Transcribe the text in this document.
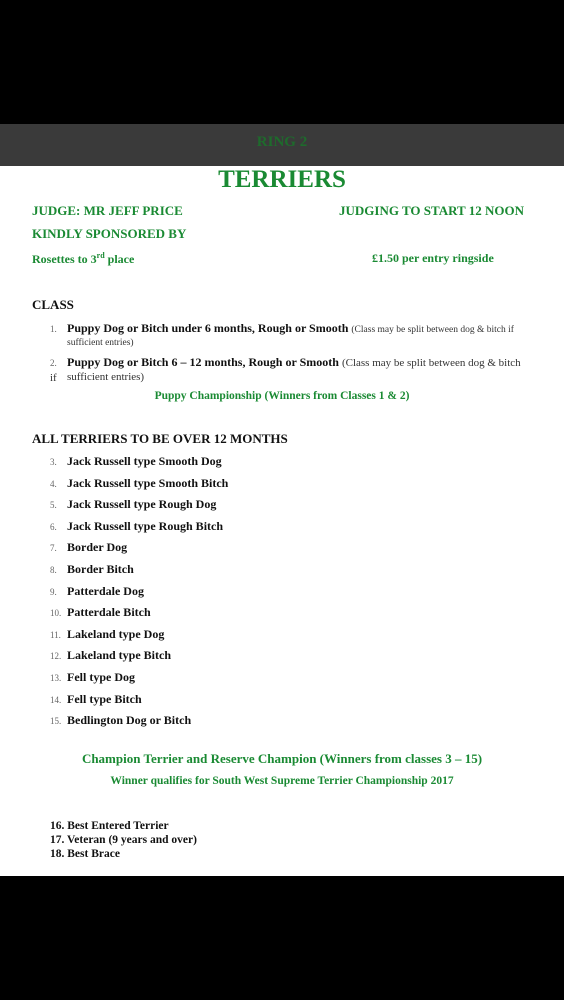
RING 2
TERRIERS
JUDGE: MR JEFF PRICE	JUDGING TO START 12 NOON
KINDLY SPONSORED BY
Rosettes to 3rd place	£1.50 per entry ringside
CLASS
1. Puppy Dog or Bitch under 6 months, Rough or Smooth (Class may be split between dog & bitch if
sufficient entries)
2. Puppy Dog or Bitch 6 – 12 months, Rough or Smooth (Class may be split between dog & bitch if sufficient entries)
Puppy Championship (Winners from Classes 1 & 2)
ALL TERRIERS TO BE OVER 12 MONTHS
3. Jack Russell type Smooth Dog
4. Jack Russell type Smooth Bitch
5. Jack Russell type Rough Dog
6. Jack Russell type Rough Bitch
7. Border Dog
8. Border Bitch
9. Patterdale Dog
10. Patterdale Bitch
11. Lakeland type Dog
12. Lakeland type Bitch
13. Fell type Dog
14. Fell type Bitch
15. Bedlington Dog or Bitch
Champion Terrier and Reserve Champion (Winners from classes 3 – 15)
Winner qualifies for South West Supreme Terrier Championship 2017
16. Best Entered Terrier
17. Veteran (9 years and over)
18. Best Brace
